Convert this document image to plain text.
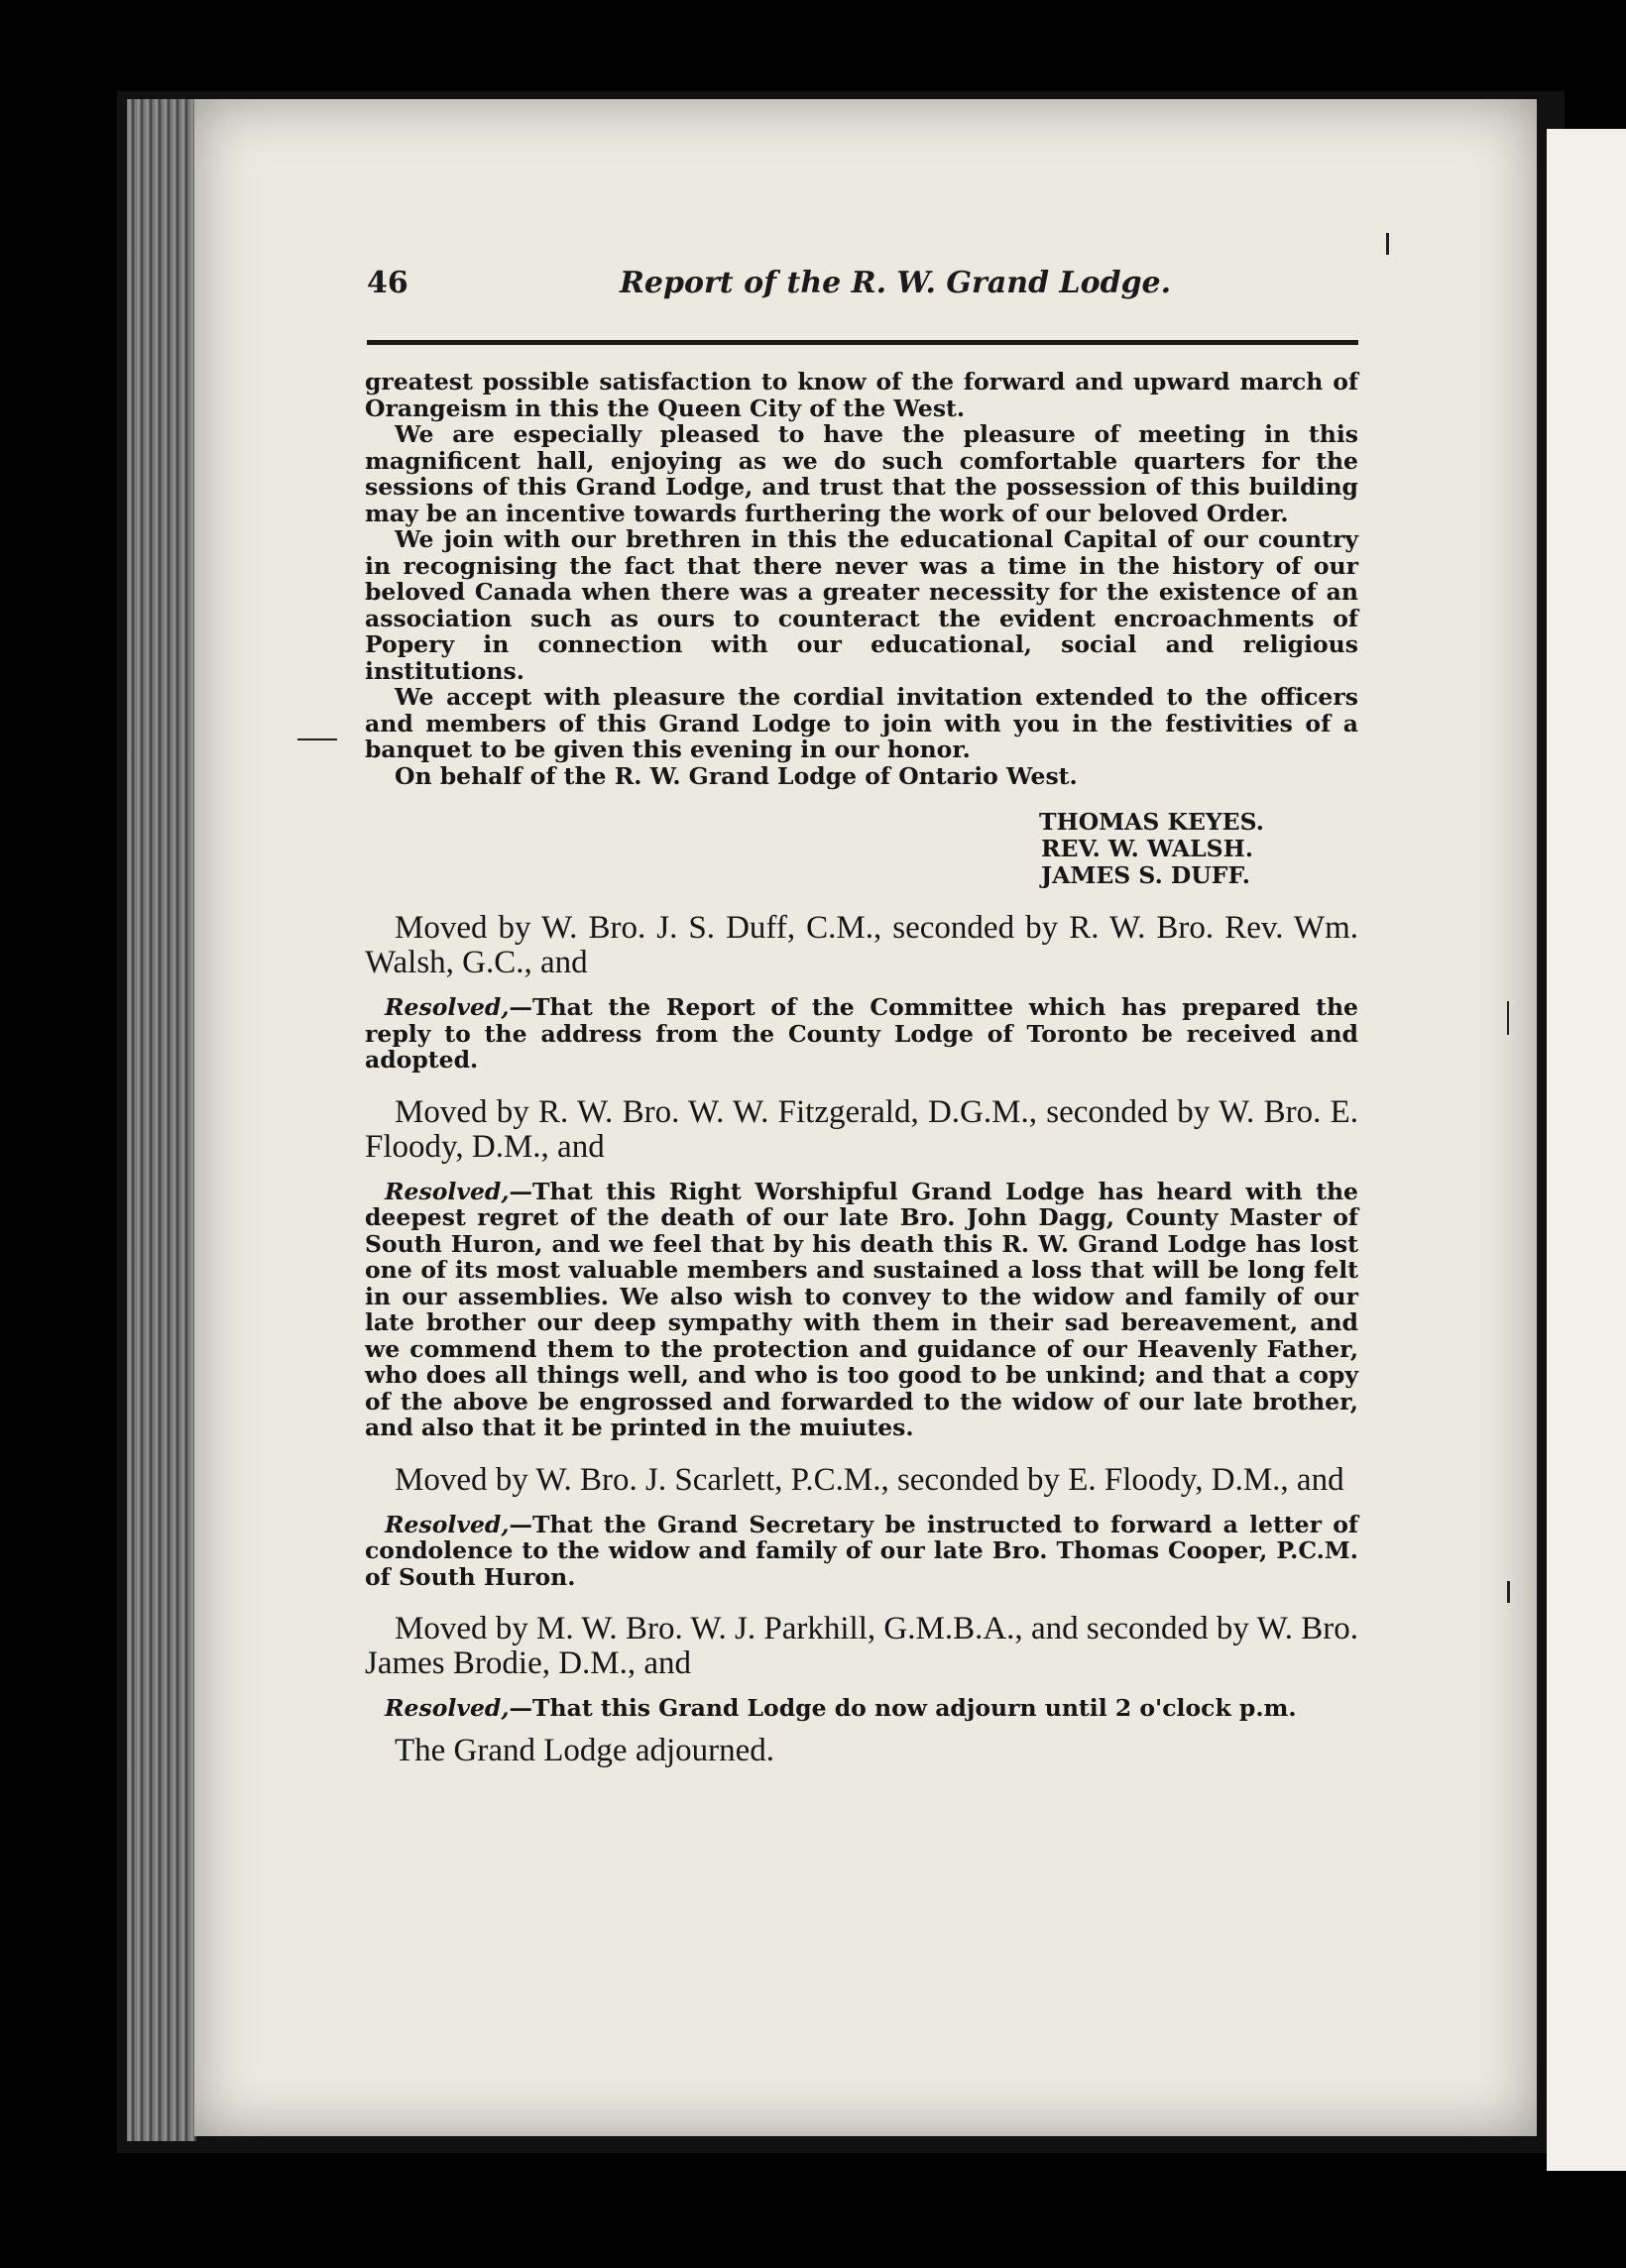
46	Report of the R. W. Grand Lodge.

greatest possible satisfaction to know of the forward and upward march of Orangeism in this the Queen City of the West.

We are especially pleased to have the pleasure of meeting in this magnificent hall, enjoying as we do such comfortable quarters for the sessions of this Grand Lodge, and trust that the possession of this building may be an incentive towards furthering the work of our beloved Order.

We join with our brethren in this the educational Capital of our country in recognising the fact that there never was a time in the history of our beloved Canada when there was a greater necessity for the existence of an association such as ours to counteract the evident encroachments of Popery in connection with our educational, social and religious institutions.

We accept with pleasure the cordial invitation extended to the officers and members of this Grand Lodge to join with you in the festivities of a banquet to be given this evening in our honor.

On behalf of the R. W. Grand Lodge of Ontario West.

THOMAS KEYES.
REV. W. WALSH.
JAMES S. DUFF.

Moved by W. Bro. J. S. Duff, C.M., seconded by R. W. Bro. Rev. Wm. Walsh, G.C., and

Resolved,—That the Report of the Committee which has prepared the reply to the address from the County Lodge of Toronto be received and adopted.

Moved by R. W. Bro. W. W. Fitzgerald, D.G.M., seconded by W. Bro. E. Floody, D.M., and

Resolved,—That this Right Worshipful Grand Lodge has heard with the deepest regret of the death of our late Bro. John Dagg, County Master of South Huron, and we feel that by his death this R. W. Grand Lodge has lost one of its most valuable members and sustained a loss that will be long felt in our assemblies. We also wish to convey to the widow and family of our late brother our deep sympathy with them in their sad bereavement, and we commend them to the protection and guidance of our Heavenly Father, who does all things well, and who is too good to be unkind; and that a copy of the above be engrossed and forwarded to the widow of our late brother, and also that it be printed in the muiutes.

Moved by W. Bro. J. Scarlett, P.C.M., seconded by E. Floody, D.M., and

Resolved,—That the Grand Secretary be instructed to forward a letter of condolence to the widow and family of our late Bro. Thomas Cooper, P.C.M. of South Huron.

Moved by M. W. Bro. W. J. Parkhill, G.M.B.A., and seconded by W. Bro. James Brodie, D.M., and

Resolved,—That this Grand Lodge do now adjourn until 2 o'clock p.m.

The Grand Lodge adjourned.
